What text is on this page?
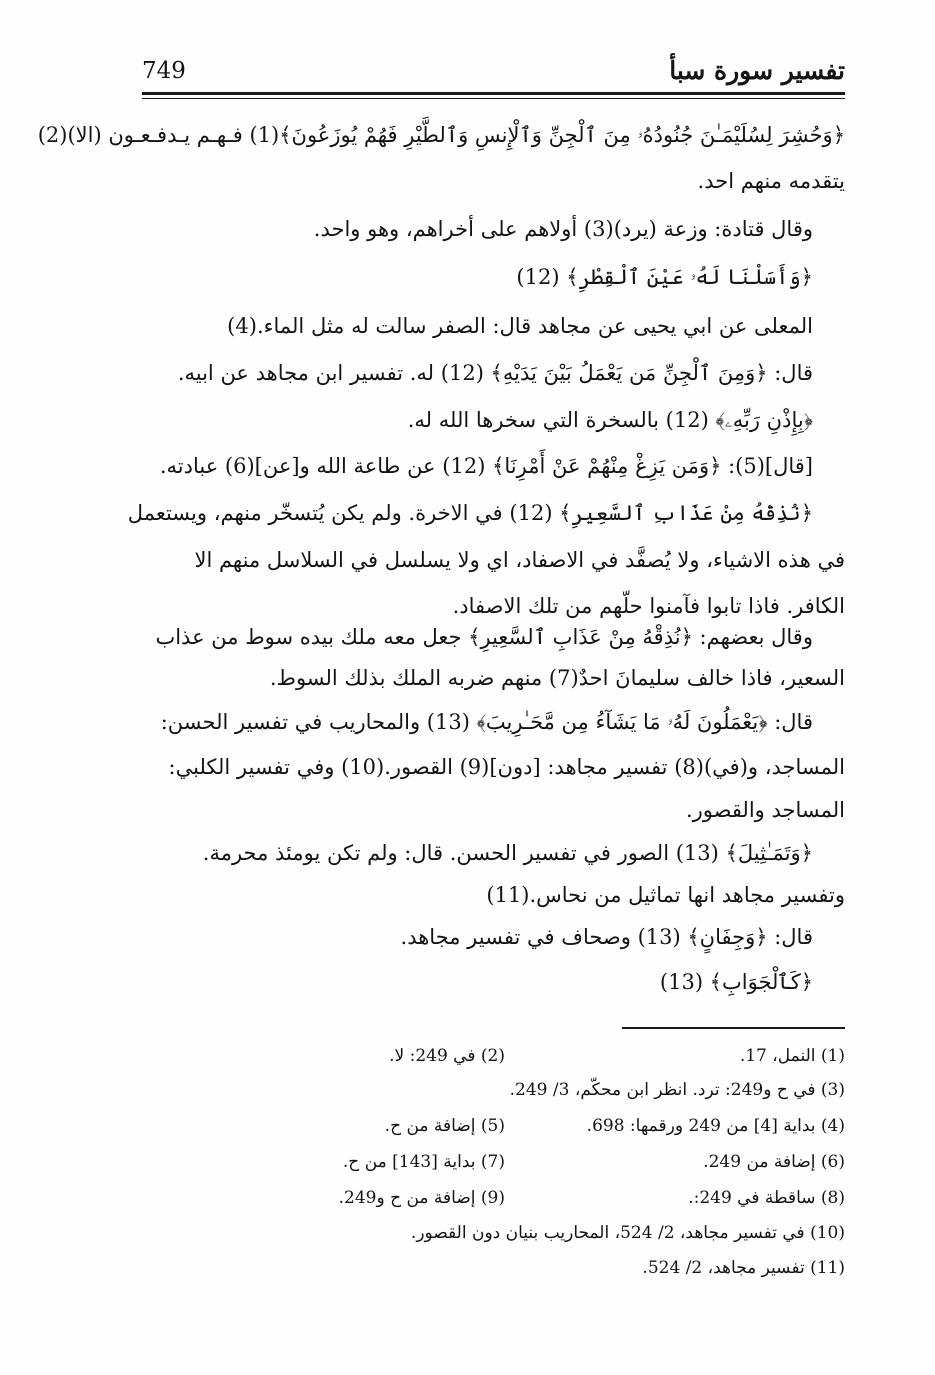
749	تفسير سورة سبأ
﴿وَحُشِرَ لِسُلَيْمَـٰنَ جُنُودُهُۥ مِنَ ٱلْجِنِّ وَٱلْإِنسِ وَٱلطَّيْرِ فَهُمْ يُوزَعُونَ﴾(1) فـهـم يـدفـعـون (الا)(2)
يتقدمه منهم احد.
وقال قتادة: وزعة (يرد)(3) أولاهم على أخراهم، وهو واحد.
﴿وَأَسَلْنَا لَهُۥ عَيْنَ ٱلْقِطْرِ﴾ (12)
المعلى عن ابي يحيى عن مجاهد قال: الصفر سالت له مثل الماء.(4)
قال: ﴿وَمِنَ ٱلْجِنِّ مَن يَعْمَلُ بَيْنَ يَدَيْهِ﴾ (12) له. تفسير ابن مجاهد عن ابيه.
﴿بِإِذْنِ رَبِّهِۦ﴾ (12) بالسخرة التي سخرها الله له.
[قال](5): ﴿وَمَن يَزِغْ مِنْهُمْ عَنْ أَمْرِنَا﴾ (12) عن طاعة الله و[عن](6) عبادته.
﴿نُذِقْهُ مِنْ عَذَابِ ٱلسَّعِيرِ﴾ (12) في الاخرة. ولم يكن يُتسخّر منهم، ويستعمل
في هذه الاشياء، ولا يُصفَّد في الاصفاد، اي ولا يسلسل في السلاسل منهم الا
الكافر. فاذا تابوا فآمنوا حلّهم من تلك الاصفاد.
وقال بعضهم: ﴿نُذِقْهُ مِنْ عَذَابِ ٱلسَّعِيرِ﴾ جعل معه ملك بيده سوط من عذاب
السعير، فاذا خالف سليمانَ احدٌ(7) منهم ضربه الملك بذلك السوط.
قال: ﴿يَعْمَلُونَ لَهُۥ مَا يَشَآءُ مِن مَّحَـٰرِيبَ﴾ (13) والمحاريب في تفسير الحسن:
المساجد، و(في)(8) تفسير مجاهد: [دون](9) القصور.(10) وفي تفسير الكلبي:
المساجد والقصور.
﴿وَتَمَـٰثِيلَ﴾ (13) الصور في تفسير الحسن. قال: ولم تكن يومئذ محرمة.
وتفسير مجاهد انها تماثيل من نحاس.(11)
قال: ﴿وَجِفَانٍ﴾ (13) وصحاف في تفسير مجاهد.
﴿كَٱلْجَوَابِ﴾ (13)
(1) النمل، 17.
(2) في 249: لا.
(3) في ح و249: ترد. انظر ابن محكّم، 3/ 249.
(4) بداية [4] من 249 ورقمها: 698.
(5) إضافة من ح.
(6) إضافة من 249.
(7) بداية [143] من ح.
(8) ساقطة في 249:.
(9) إضافة من ح و249.
(10) في تفسير مجاهد، 2/ 524، المحاريب بنيان دون القصور.
(11) تفسير مجاهد، 2/ 524.
